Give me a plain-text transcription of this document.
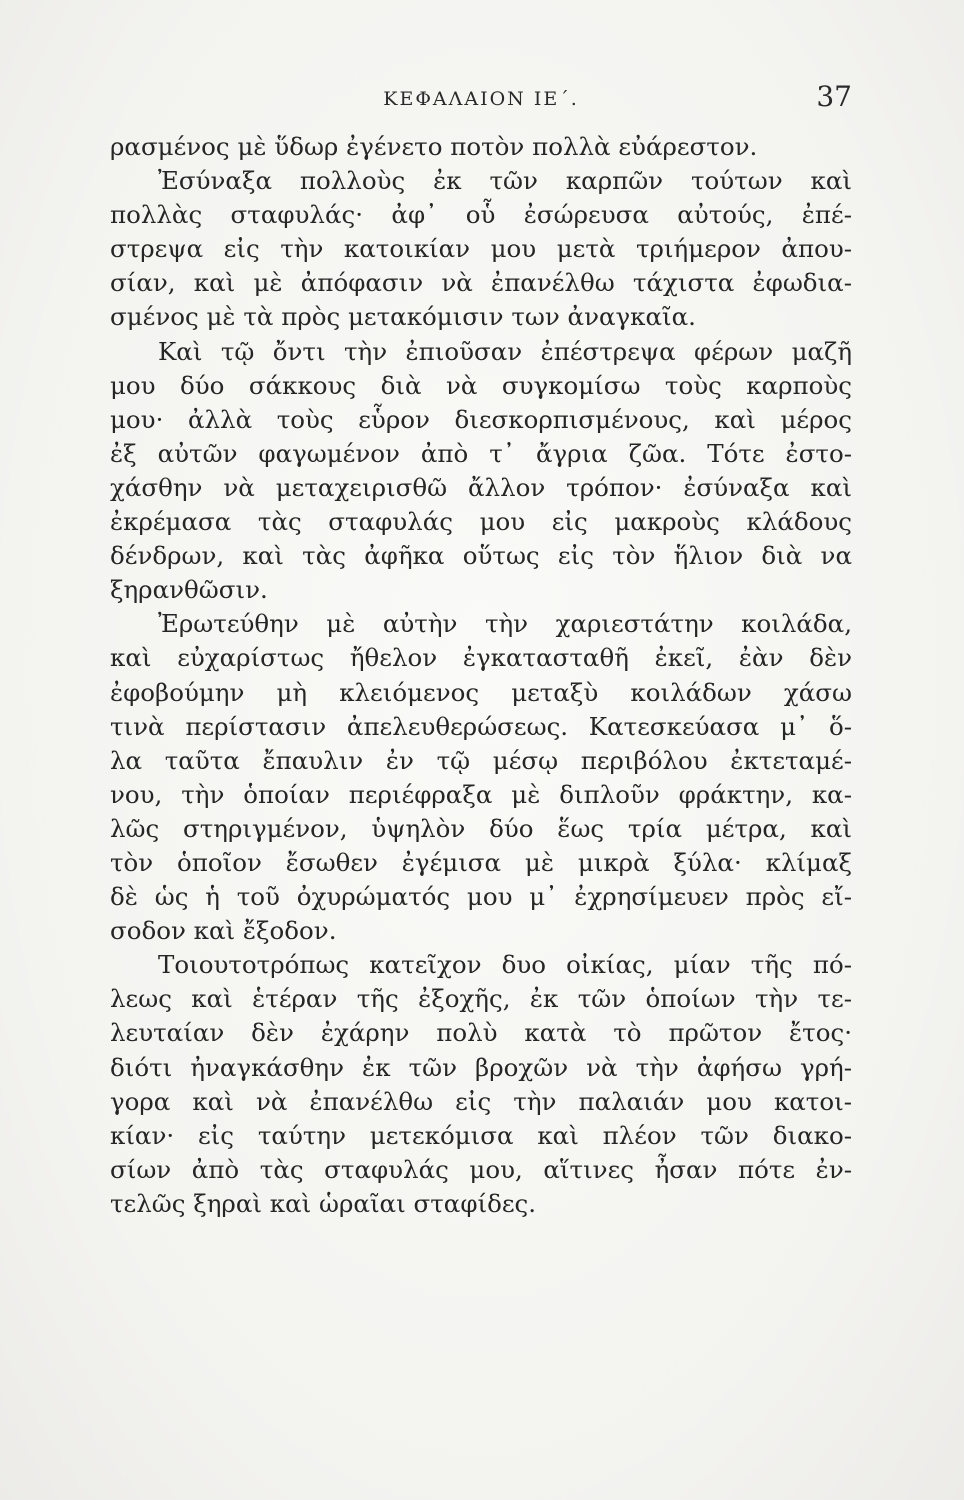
ΚΕΦΑΛΑΙΟΝ ΙΕ΄.	37
ρασμένος μὲ ὕδωρ ἐγένετο ποτὸν πολλὰ εὐάρεστον.
Ἐσύναξα πολλοὺς ἐκ τῶν καρπῶν τούτων καὶ
πολλὰς σταφυλάς· ἀφ᾽ οὗ ἐσώρευσα αὐτούς, ἐπέ-
στρεψα εἰς τὴν κατοικίαν μου μετὰ τριήμερον ἀπου-
σίαν, καὶ μὲ ἀπόφασιν νὰ ἐπανέλθω τάχιστα ἐφωδια-
σμένος μὲ τὰ πρὸς μετακόμισιν των ἀναγκαῖα.
Καὶ τῷ ὄντι τὴν ἐπιοῦσαν ἐπέστρεψα φέρων μαζῆ
μου δύο σάκκους διὰ νὰ συγκομίσω τοὺς καρποὺς
μου· ἀλλὰ τοὺς εὗρον διεσκορπισμένους, καὶ μέρος
ἐξ αὐτῶν φαγωμένον ἀπὸ τ᾽ ἄγρια ζῶα. Τότε ἐστο-
χάσθην νὰ μεταχειρισθῶ ἄλλον τρόπον· ἐσύναξα καὶ
ἐκρέμασα τὰς σταφυλάς μου εἰς μακροὺς κλάδους
δένδρων, καὶ τὰς ἀφῆκα οὕτως εἰς τὸν ἥλιον διὰ να
ξηρανθῶσιν.
Ἐρωτεύθην μὲ αὐτὴν τὴν χαριεστάτην κοιλάδα,
καὶ εὐχαρίστως ἤθελον ἐγκατασταθῆ ἐκεῖ, ἐὰν δὲν
ἐφοβούμην μὴ κλειόμενος μεταξὺ κοιλάδων χάσω
τινὰ περίστασιν ἀπελευθερώσεως. Κατεσκεύασα μ᾽ ὅ-
λα ταῦτα ἔπαυλιν ἐν τῷ μέσῳ περιβόλου ἐκτεταμέ-
νου, τὴν ὁποίαν περιέφραξα μὲ διπλοῦν φράκτην, κα-
λῶς στηριγμένον, ὑψηλὸν δύο ἕως τρία μέτρα, καὶ
τὸν ὁποῖον ἔσωθεν ἐγέμισα μὲ μικρὰ ξύλα· κλίμαξ
δὲ ὡς ἡ τοῦ ὀχυρώματός μου μ᾽ ἐχρησίμευεν πρὸς εἴ-
σοδον καὶ ἔξοδον.
Τοιουτοτρόπως κατεῖχον δυο οἰκίας, μίαν τῆς πό-
λεως καὶ ἑτέραν τῆς ἐξοχῆς, ἐκ τῶν ὁποίων τὴν τε-
λευταίαν δὲν ἐχάρην πολὺ κατὰ τὸ πρῶτον ἔτος·
διότι ἠναγκάσθην ἐκ τῶν βροχῶν νὰ τὴν ἀφήσω γρή-
γορα καὶ νὰ ἐπανέλθω εἰς τὴν παλαιάν μου κατοι-
κίαν· εἰς ταύτην μετεκόμισα καὶ πλέον τῶν διακο-
σίων ἀπὸ τὰς σταφυλάς μου, αἵτινες ἦσαν πότε ἐν-
τελῶς ξηραὶ καὶ ὡραῖαι σταφίδες.
